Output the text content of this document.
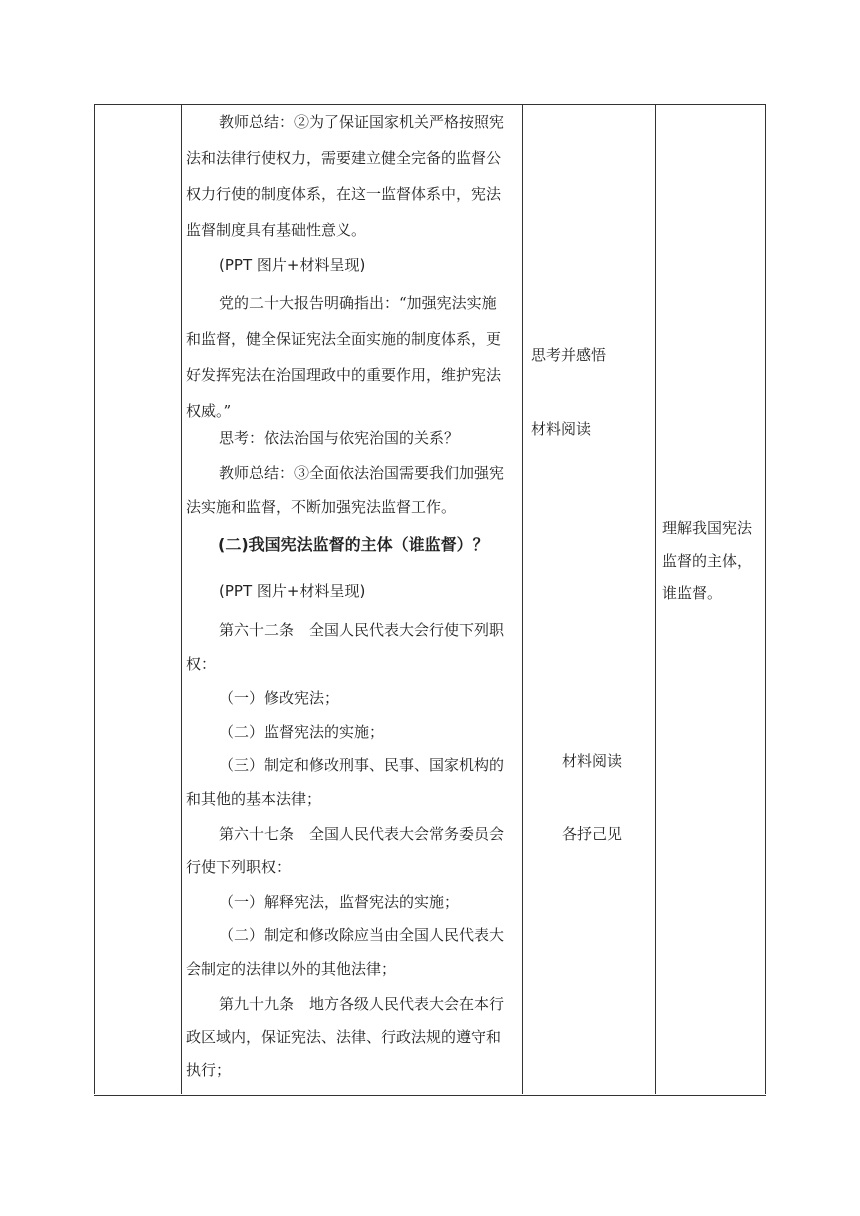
教师总结：②为了保证国家机关严格按照宪
法和法律行使权力，需要建立健全完备的监督公
权力行使的制度体系，在这一监督体系中，宪法
监督制度具有基础性意义。
(PPT 图片+材料呈现)
党的二十大报告明确指出：“加强宪法实施
和监督，健全保证宪法全面实施的制度体系，更
好发挥宪法在治国理政中的重要作用，维护宪法
权威。”
思考：依法治国与依宪治国的关系？
教师总结：③全面依法治国需要我们加强宪
法实施和监督，不断加强宪法监督工作。
(二)我国宪法监督的主体（谁监督）？
(PPT 图片+材料呈现)
第六十二条　全国人民代表大会行使下列职
权：
（一）修改宪法；
（二）监督宪法的实施；
（三）制定和修改刑事、民事、国家机构的
和其他的基本法律；
第六十七条　全国人民代表大会常务委员会
行使下列职权：
（一）解释宪法，监督宪法的实施；
（二）制定和修改除应当由全国人民代表大
会制定的法律以外的其他法律；
第九十九条　地方各级人民代表大会在本行
政区域内，保证宪法、法律、行政法规的遵守和
执行；
思考并感悟
材料阅读
材料阅读
各抒己见
理解我国宪法
监督的主体，
谁监督。
